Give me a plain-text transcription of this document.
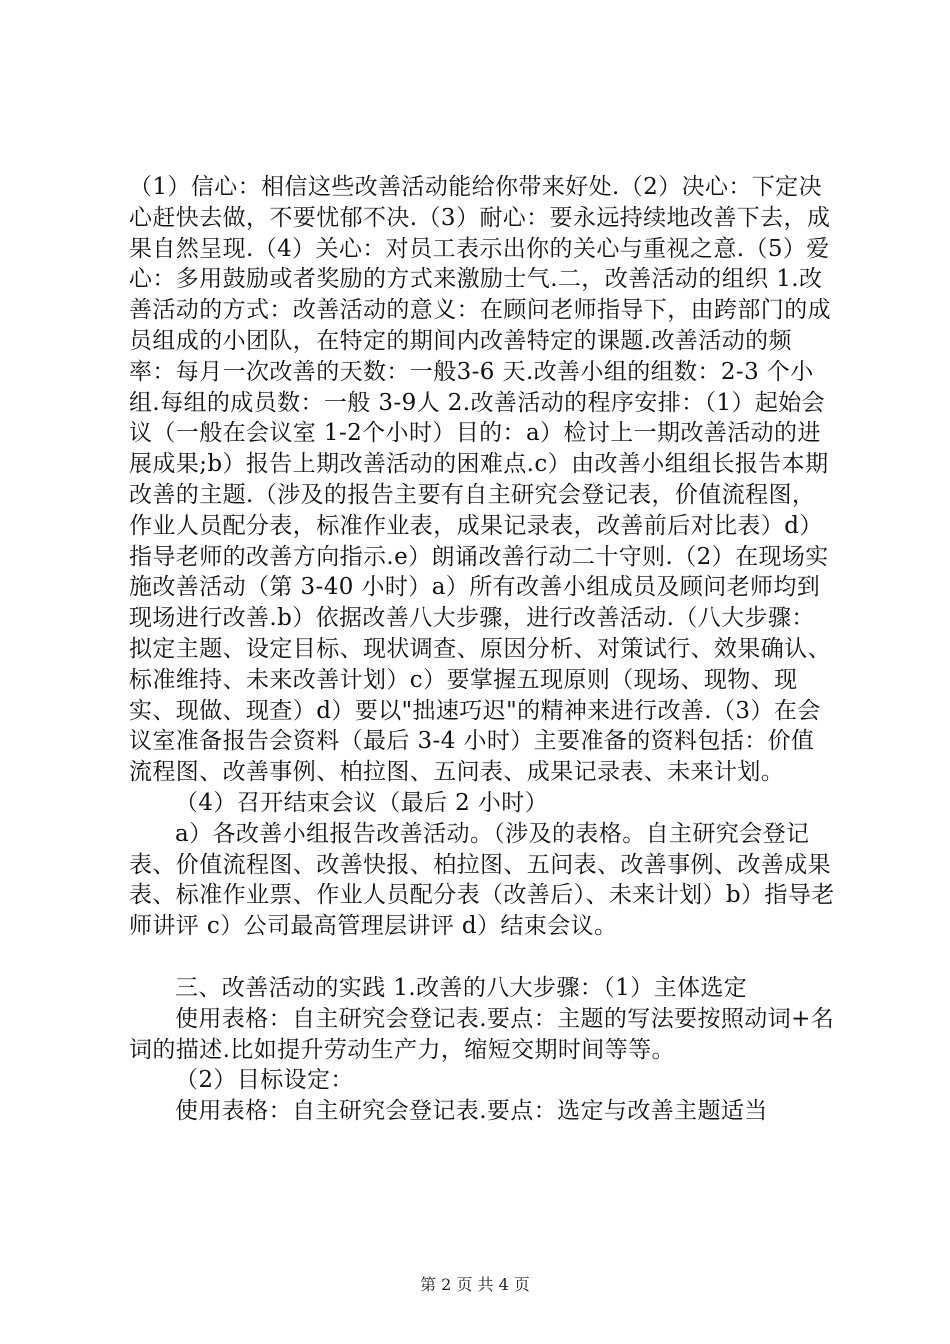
（1）信心：相信这些改善活动能给你带来好处.（2）决心：下定决心赶快去做，不要忧郁不决.（3）耐心：要永远持续地改善下去，成果自然呈现.（4）关心：对员工表示出你的关心与重视之意.（5）爱心：多用鼓励或者奖励的方式来激励士气.二，改善活动的组织 1.改善活动的方式：改善活动的意义：在顾问老师指导下，由跨部门的成员组成的小团队，在特定的期间内改善特定的课题.改善活动的频率：每月一次改善的天数：一般3-6 天.改善小组的组数：2-3 个小组.每组的成员数：一般 3-9人 2.改善活动的程序安排：（1）起始会议（一般在会议室 1-2个小时）目的：a）检讨上一期改善活动的进展成果;b）报告上期改善活动的困难点.c）由改善小组组长报告本期改善的主题.（涉及的报告主要有自主研究会登记表，价值流程图，作业人员配分表，标准作业表，成果记录表，改善前后对比表）d）指导老师的改善方向指示.e）朗诵改善行动二十守则.（2）在现场实施改善活动（第 3-40 小时）a）所有改善小组成员及顾问老师均到现场进行改善.b）依据改善八大步骤，进行改善活动.（八大步骤：拟定主题、设定目标、现状调查、原因分析、对策试行、效果确认、标准维持、未来改善计划）c）要掌握五现原则（现场、现物、现实、现做、现查）d）要以"拙速巧迟"的精神来进行改善.（3）在会议室准备报告会资料（最后 3-4 小时）主要准备的资料包括：价值流程图、改善事例、柏拉图、五问表、成果记录表、未来计划。

（4）召开结束会议（最后 2 小时）

a）各改善小组报告改善活动。（涉及的表格。自主研究会登记表、价值流程图、改善快报、柏拉图、五问表、改善事例、改善成果表、标准作业票、作业人员配分表（改善后）、未来计划）b）指导老师讲评 c）公司最高管理层讲评 d）结束会议。

三、改善活动的实践 1.改善的八大步骤：（1）主体选定

使用表格：自主研究会登记表.要点：主题的写法要按照动词+名词的描述.比如提升劳动生产力，缩短交期时间等等。

（2）目标设定：

使用表格：自主研究会登记表.要点：选定与改善主题适当

第 2 页 共 4 页
